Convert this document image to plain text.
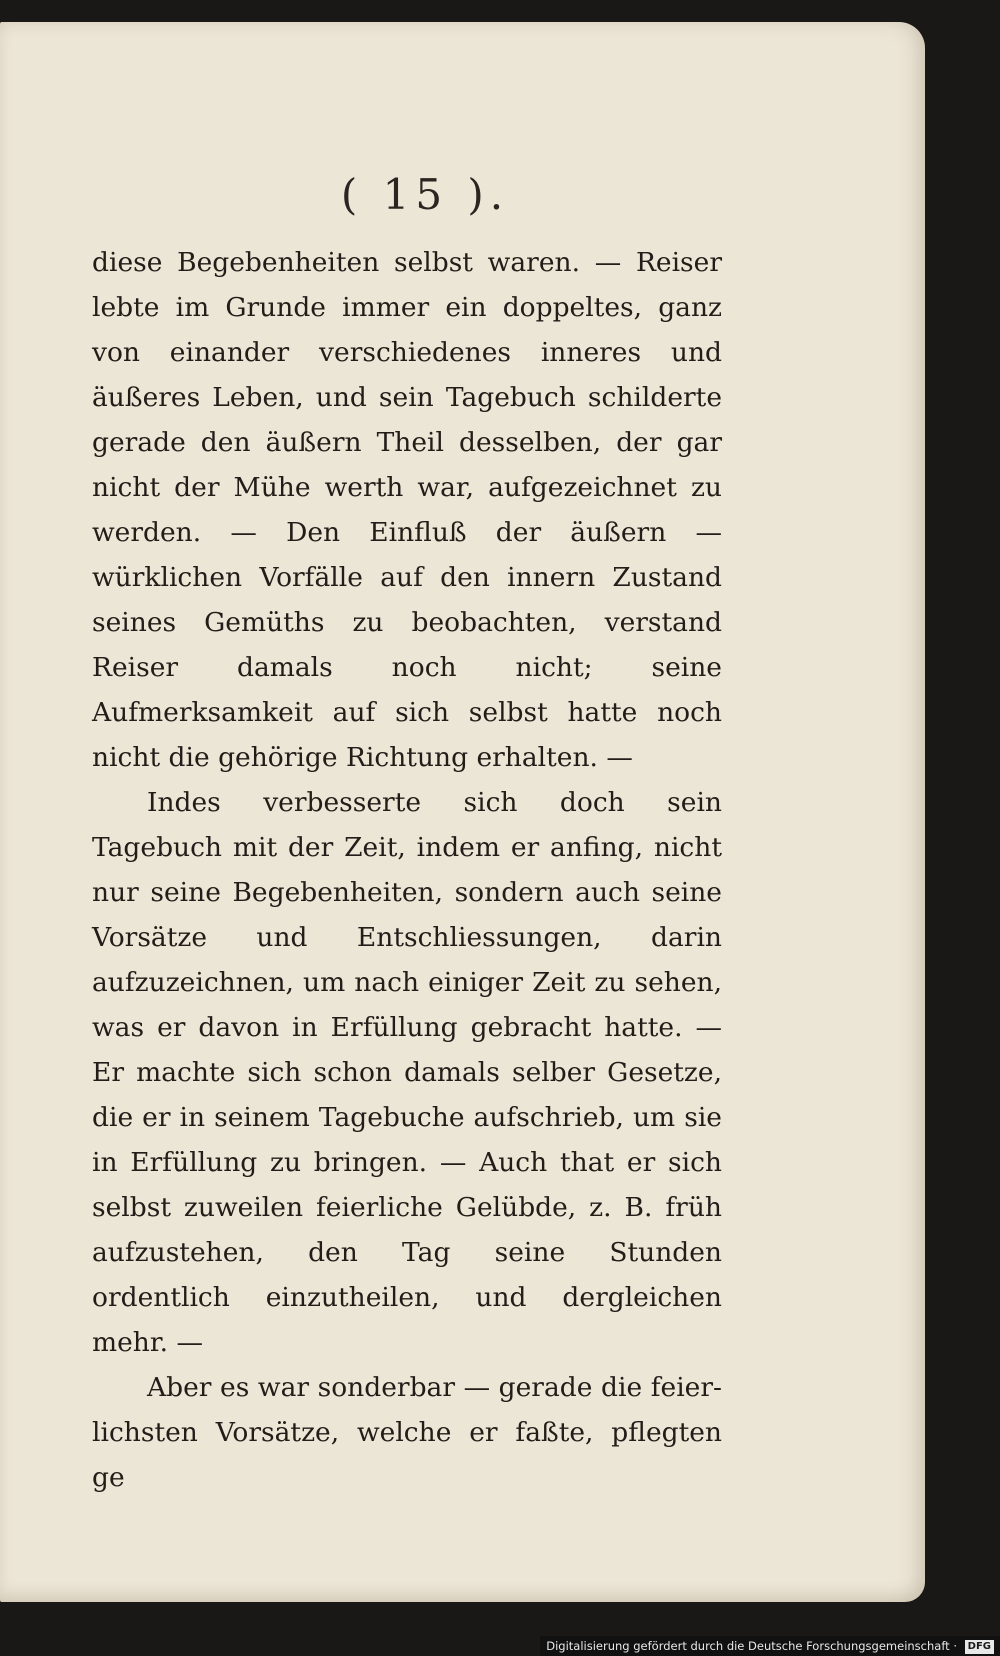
( 15 ).

diese Begebenheiten selbst waren. — Reiser lebte im Grunde immer ein doppeltes, ganz von einander verschiedenes inneres und äußeres Leben, und sein Tagebuch schilderte gerade den äußern Theil desselben, der gar nicht der Mühe werth war, aufgezeichnet zu werden. — Den Einfluß der äußern — würklichen Vorfälle auf den innern Zustand seines Gemüths zu beobachten, verstand Reiser damals noch nicht; seine Aufmerksamkeit auf sich selbst hatte noch nicht die gehörige Richtung erhalten. —

Indes verbesserte sich doch sein Tagebuch mit der Zeit, indem er anfing, nicht nur seine Begebenheiten, sondern auch seine Vorsätze und Entschliessungen, darin aufzuzeichnen, um nach einiger Zeit zu sehen, was er davon in Erfüllung gebracht hatte. — Er machte sich schon damals selber Gesetze, die er in seinem Tagebuche aufschrieb, um sie in Erfüllung zu bringen. — Auch that er sich selbst zuweilen feierliche Gelübde, z. B. früh aufzustehen, den Tag seine Stunden ordentlich einzutheilen, und dergleichen mehr. —

Aber es war sonderbar — gerade die feierlichsten Vorsätze, welche er faßte, pflegten ge

Digitalisierung gefördert durch die Deutsche Forschungsgemeinschaft · DFG
